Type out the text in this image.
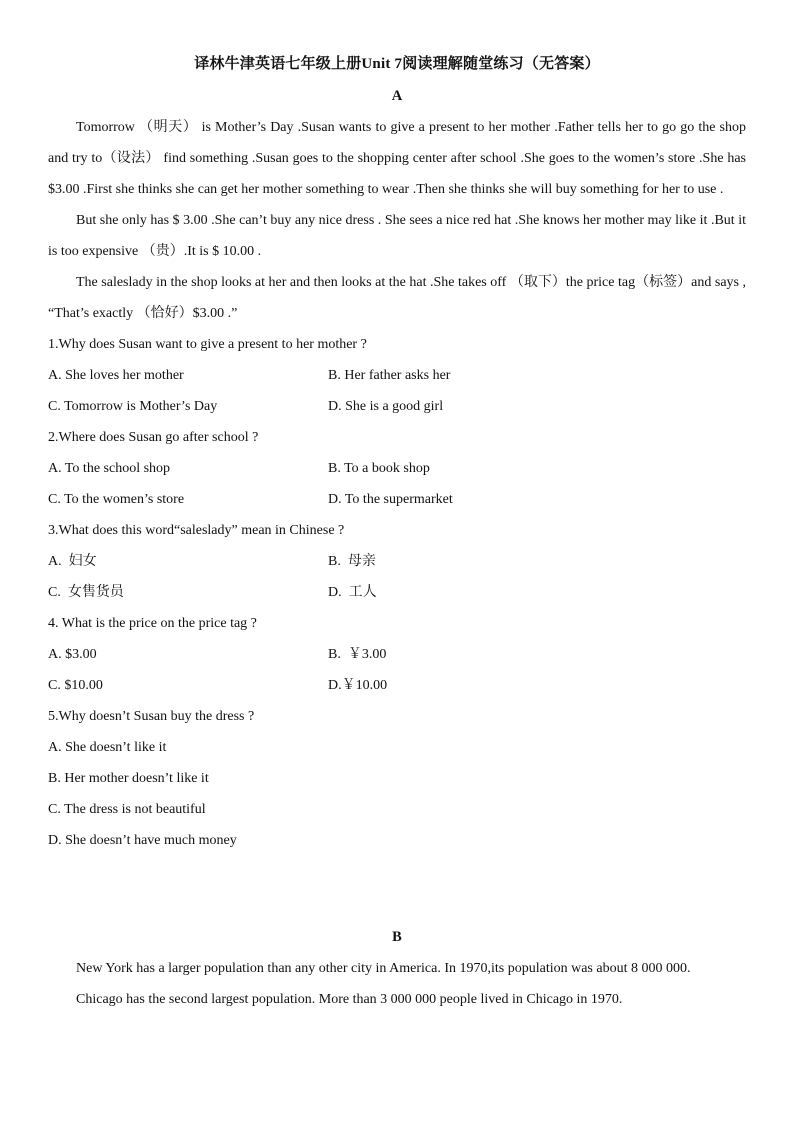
译林牛津英语七年级上册Unit 7阅读理解随堂练习（无答案）
A

Tomorrow （明天） is Mother’s Day .Susan wants to give a present to her mother .Father tells her to go go the shop and try to（设法） find something .Susan goes to the shopping center after school .She goes to the women’s store .She has $3.00 .First she thinks she can get her mother something to wear .Then she thinks she will buy something for her to use .

But she only has $ 3.00 .She can’t buy any nice dress . She sees a nice red hat .She knows her mother may like it .But it is too expensive （贵）.It is $ 10.00 .

The saleslady in the shop looks at her and then looks at the hat .She takes off （取下）the price tag（标签）and says , “That’s exactly （恰好）$3.00 .”

1.Why does Susan want to give a present to her mother ?

A. She loves her mother	B. Her father asks her
C. Tomorrow is Mother’s Day	D. She is a good girl

2.Where does Susan go after school ?

A. To the school shop	B. To a book shop
C. To the women’s store	D. To the supermarket

3.What does this word“saleslady” mean in Chinese ?

A.  妇女	B.  母亲
C.  女售货员	D.  工人

4. What is the price on the price tag ?

A. $3.00	B.  ￥3.00
C. $10.00	D.￥10.00

5.Why doesn’t Susan buy the dress ?

A. She doesn’t like it
B. Her mother doesn’t like it
C. The dress is not beautiful
D. She doesn’t have much money
B

New York has a larger population than any other city in America. In 1970,its population was about 8 000 000.

Chicago has the second largest population. More than 3 000 000 people lived in Chicago in 1970.
